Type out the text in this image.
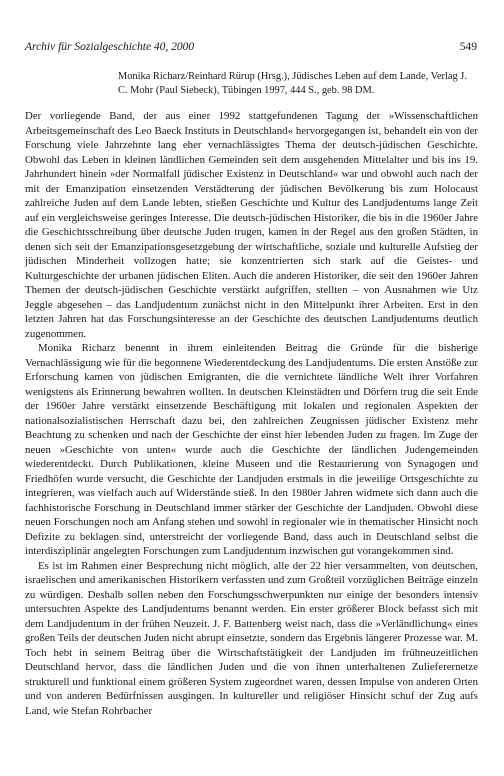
Archiv für Sozialgeschichte 40, 2000	549
Monika Richarz/Reinhard Rürup (Hrsg.), Jüdisches Leben auf dem Lande, Verlag J. C. Mohr (Paul Siebeck), Tübingen 1997, 444 S., geb. 98 DM.

Der vorliegende Band, der aus einer 1992 stattgefundenen Tagung der »Wissenschaftlichen Arbeitsgemeinschaft des Leo Baeck Instituts in Deutschland« hervorgegangen ist, behandelt ein von der Forschung viele Jahrzehnte lang eher vernachlässigtes Thema der deutsch-jüdischen Geschichte. Obwohl das Leben in kleinen ländlichen Gemeinden seit dem ausgehenden Mittelalter und bis ins 19. Jahrhundert hinein »der Normalfall jüdischer Existenz in Deutschland« war und obwohl auch nach der mit der Emanzipation einsetzenden Verstädterung der jüdischen Bevölkerung bis zum Holocaust zahlreiche Juden auf dem Lande lebten, stießen Geschichte und Kultur des Landjudentums lange Zeit auf ein vergleichsweise geringes Interesse. Die deutsch-jüdischen Historiker, die bis in die 1960er Jahre die Geschichtsschreibung über deutsche Juden trugen, kamen in der Regel aus den großen Städten, in denen sich seit der Emanzipationsgesetzgebung der wirtschaftliche, soziale und kulturelle Aufstieg der jüdischen Minderheit vollzogen hatte; sie konzentrierten sich stark auf die Geistes- und Kulturgeschichte der urbanen jüdischen Eliten. Auch die anderen Historiker, die seit den 1960er Jahren Themen der deutsch-jüdischen Geschichte verstärkt aufgriffen, stellten – von Ausnahmen wie Utz Jeggle abgesehen – das Landjudentum zunächst nicht in den Mittelpunkt ihrer Arbeiten. Erst in den letzten Jahren hat das Forschungsinteresse an der Geschichte des deutschen Landjudentums deutlich zugenommen.

Monika Richarz benennt in ihrem einleitenden Beitrag die Gründe für die bisherige Vernachlässigung wie für die begonnene Wiederentdeckung des Landjudentums. Die ersten Anstöße zur Erforschung kamen von jüdischen Emigranten, die die vernichtete ländliche Welt ihrer Vorfahren wenigstens als Erinnerung bewahren wollten. In deutschen Kleinstädten und Dörfern trug die seit Ende der 1960er Jahre verstärkt einsetzende Beschäftigung mit lokalen und regionalen Aspekten der nationalsozialistischen Herrschaft dazu bei, den zahlreichen Zeugnissen jüdischer Existenz mehr Beachtung zu schenken und nach der Geschichte der einst hier lebenden Juden zu fragen. Im Zuge der neuen »Geschichte von unten« wurde auch die Geschichte der ländlichen Judengemeinden wiederentdeckt. Durch Publikationen, kleine Museen und die Restaurierung von Synagogen und Friedhöfen wurde versucht, die Geschichte der Landjuden erstmals in die jeweilige Ortsgeschichte zu integrieren, was vielfach auch auf Widerstände stieß. In den 1980er Jahren widmete sich dann auch die fachhistorische Forschung in Deutschland immer stärker der Geschichte der Landjuden. Obwohl diese neuen Forschungen noch am Anfang stehen und sowohl in regionaler wie in thematischer Hinsicht noch Defizite zu beklagen sind, unterstreicht der vorliegende Band, dass auch in Deutschland selbst die interdisziplinär angelegten Forschungen zum Landjudentum inzwischen gut vorangekommen sind.

Es ist im Rahmen einer Besprechung nicht möglich, alle der 22 hier versammelten, von deutschen, israelischen und amerikanischen Historikern verfassten und zum Großteil vorzüglichen Beiträge einzeln zu würdigen. Deshalb sollen neben den Forschungsschwerpunkten nur einige der besonders intensiv untersuchten Aspekte des Landjudentums benannt werden. Ein erster größerer Block befasst sich mit dem Landjudentum in der frühen Neuzeit. J. F. Battenberg weist nach, dass die »Verländlichung« eines großen Teils der deutschen Juden nicht abrupt einsetzte, sondern das Ergebnis längerer Prozesse war. M. Toch hebt in seinem Beitrag über die Wirtschaftstätigkeit der Landjuden im frühneuzeitlichen Deutschland hervor, dass die ländlichen Juden und die von ihnen unterhaltenen Zulieferernetze strukturell und funktional einem größeren System zugeordnet waren, dessen Impulse von anderen Orten und von anderen Bedürfnissen ausgingen. In kultureller und religiöser Hinsicht schuf der Zug aufs Land, wie Stefan Rohrbacher
